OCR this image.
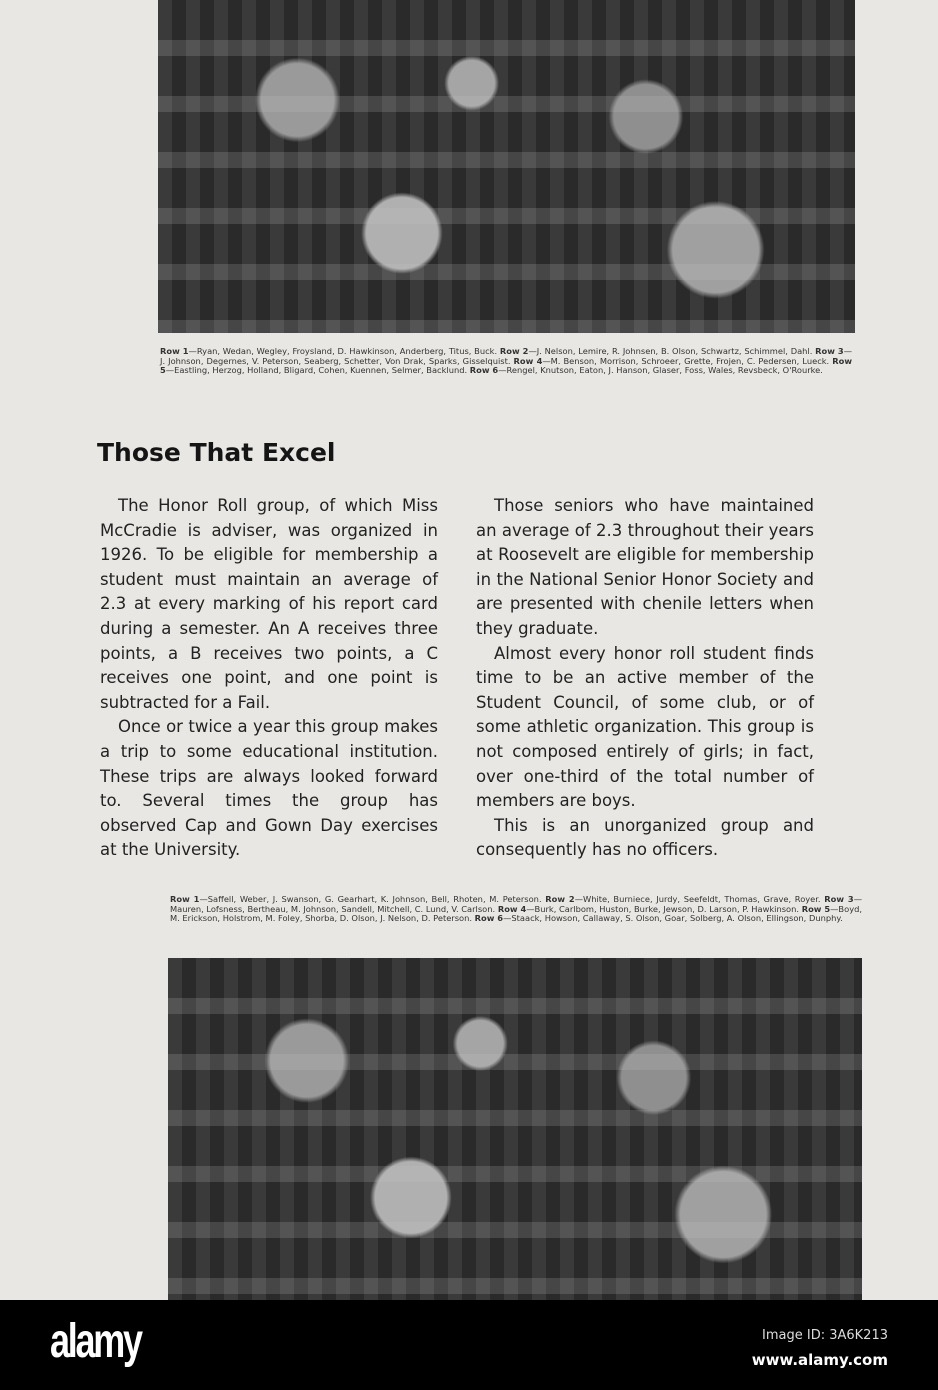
Row 1—Ryan, Wedan, Wegley, Froysland, D. Hawkinson, Anderberg, Titus, Buck. Row 2—J. Nelson, Lemire, R. Johnsen, B. Olson, Schwartz, Schimmel, Dahl. Row 3—J. Johnson, Degernes, V. Peterson, Seaberg, Schetter, Von Drak, Sparks, Gisselquist. Row 4—M. Benson, Morrison, Schroeer, Grette, Frojen, C. Pedersen, Lueck. Row 5—Eastling, Herzog, Holland, Bligard, Cohen, Kuennen, Selmer, Backlund. Row 6—Rengel, Knutson, Eaton, J. Hanson, Glaser, Foss, Wales, Revsbeck, O'Rourke.
Those That Excel

The Honor Roll group, of which Miss McCradie is adviser, was organized in 1926. To be eligible for membership a student must maintain an average of 2.3 at every marking of his report card during a semester. An A receives three points, a B receives two points, a C receives one point, and one point is subtracted for a Fail.

Once or twice a year this group makes a trip to some educational institution. These trips are always looked forward to. Several times the group has observed Cap and Gown Day exercises at the University.

Those seniors who have maintained an average of 2.3 throughout their years at Roosevelt are eligible for membership in the National Senior Honor Society and are presented with chenile letters when they graduate.

Almost every honor roll student finds time to be an active member of the Student Council, of some club, or of some athletic organization. This group is not composed entirely of girls; in fact, over one-third of the total number of members are boys.

This is an unorganized group and consequently has no officers.

Row 1—Saffell, Weber, J. Swanson, G. Gearhart, K. Johnson, Bell, Rhoten, M. Peterson. Row 2—White, Burniece, Jurdy, Seefeldt, Thomas, Grave, Royer. Row 3—Mauren, Lofsness, Bertheau, M. Johnson, Sandell, Mitchell, C. Lund, V. Carlson. Row 4—Burk, Carlbom, Huston, Burke, Jewson, D. Larson, P. Hawkinson. Row 5—Boyd, M. Erickson, Holstrom, M. Foley, Shorba, D. Olson, J. Nelson, D. Peterson. Row 6—Staack, Howson, Callaway, S. Olson, Goar, Solberg, A. Olson, Ellingson, Dunphy.
alamy	Image ID: 3A6K213
www.alamy.com
